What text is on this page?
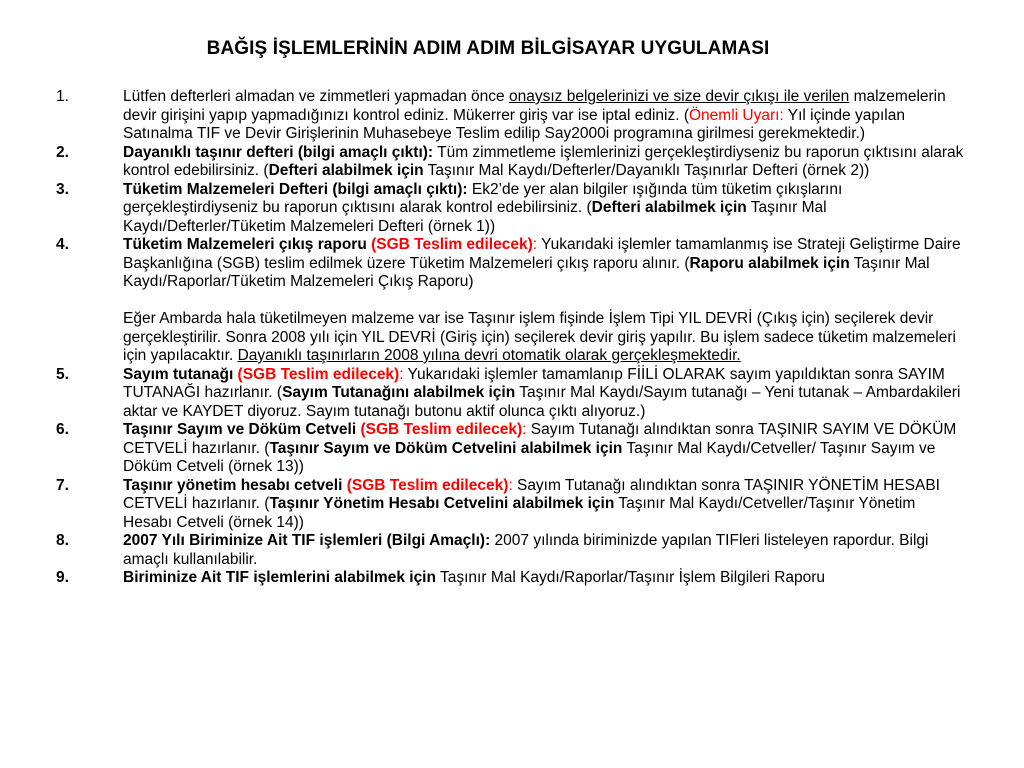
BAĞIŞ İŞLEMLERİNİN ADIM ADIM BİLGİSAYAR UYGULAMASI
1.	Lütfen defterleri almadan ve zimmetleri yapmadan önce onaysız belgelerinizi ve size devir çıkışı ile verilen malzemelerin devir girişini yapıp yapmadığınızı kontrol ediniz. Mükerrer giriş var ise iptal ediniz. (Önemli Uyarı: Yıl içinde yapılan Satınalma TIF ve Devir Girişlerinin Muhasebeye Teslim edilip Say2000i programına girilmesi gerekmektedir.)
2.	Dayanıklı taşınır defteri (bilgi amaçlı çıktı): Tüm zimmetleme işlemlerinizi gerçekleştirdiyseniz bu raporun çıktısını alarak kontrol edebilirsiniz. (Defteri alabilmek için Taşınır Mal Kaydı/Defterler/Dayanıklı Taşınırlar Defteri (örnek 2))
3.	Tüketim Malzemeleri Defteri (bilgi amaçlı çıktı): Ek2’de yer alan bilgiler ışığında tüm tüketim çıkışlarını gerçekleştirdiyseniz bu raporun çıktısını alarak kontrol edebilirsiniz. (Defteri alabilmek için Taşınır Mal Kaydı/Defterler/Tüketim Malzemeleri Defteri (örnek 1))
4.	Tüketim Malzemeleri çıkış raporu (SGB Teslim edilecek): Yukarıdaki işlemler tamamlanmış ise Strateji Geliştirme Daire Başkanlığına (SGB) teslim edilmek üzere Tüketim Malzemeleri çıkış raporu alınır. (Raporu alabilmek için Taşınır Mal Kaydı/Raporlar/Tüketim Malzemeleri Çıkış Raporu)
Eğer Ambarda hala tüketilmeyen malzeme var ise Taşınır işlem fişinde İşlem Tipi YIL DEVRİ (Çıkış için) seçilerek devir gerçekleştirilir. Sonra 2008 yılı için YIL DEVRİ (Giriş için) seçilerek devir giriş yapılır. Bu işlem sadece tüketim malzemeleri için yapılacaktır. Dayanıklı taşınırların 2008 yılına devri otomatik olarak gerçekleşmektedir.
5.	Sayım tutanağı (SGB Teslim edilecek): Yukarıdaki işlemler tamamlanıp FİİLİ OLARAK sayım yapıldıktan sonra SAYIM TUTANAĞI hazırlanır. (Sayım Tutanağını alabilmek için Taşınır Mal Kaydı/Sayım tutanağı – Yeni tutanak – Ambardakileri aktar ve KAYDET diyoruz. Sayım tutanağı butonu aktif olunca çıktı alıyoruz.)
6.	Taşınır Sayım ve Döküm Cetveli (SGB Teslim edilecek): Sayım Tutanağı alındıktan sonra TAŞINIR SAYIM VE DÖKÜM CETVELİ hazırlanır. (Taşınır Sayım ve Döküm Cetvelini alabilmek için Taşınır Mal Kaydı/Cetveller/ Taşınır Sayım ve Döküm Cetveli (örnek 13))
7.	Taşınır yönetim hesabı cetveli (SGB Teslim edilecek): Sayım Tutanağı alındıktan sonra TAŞINIR YÖNETİM HESABI CETVELİ hazırlanır. (Taşınır Yönetim Hesabı Cetvelini alabilmek için Taşınır Mal Kaydı/Cetveller/Taşınır Yönetim Hesabı Cetveli (örnek 14))
8.	2007 Yılı Biriminize Ait TIF işlemleri (Bilgi Amaçlı): 2007 yılında biriminizde yapılan TIFleri listeleyen rapordur. Bilgi amaçlı kullanılabilir.
9.	Biriminize Ait TIF işlemlerini alabilmek için Taşınır Mal Kaydı/Raporlar/Taşınır İşlem Bilgileri Raporu
